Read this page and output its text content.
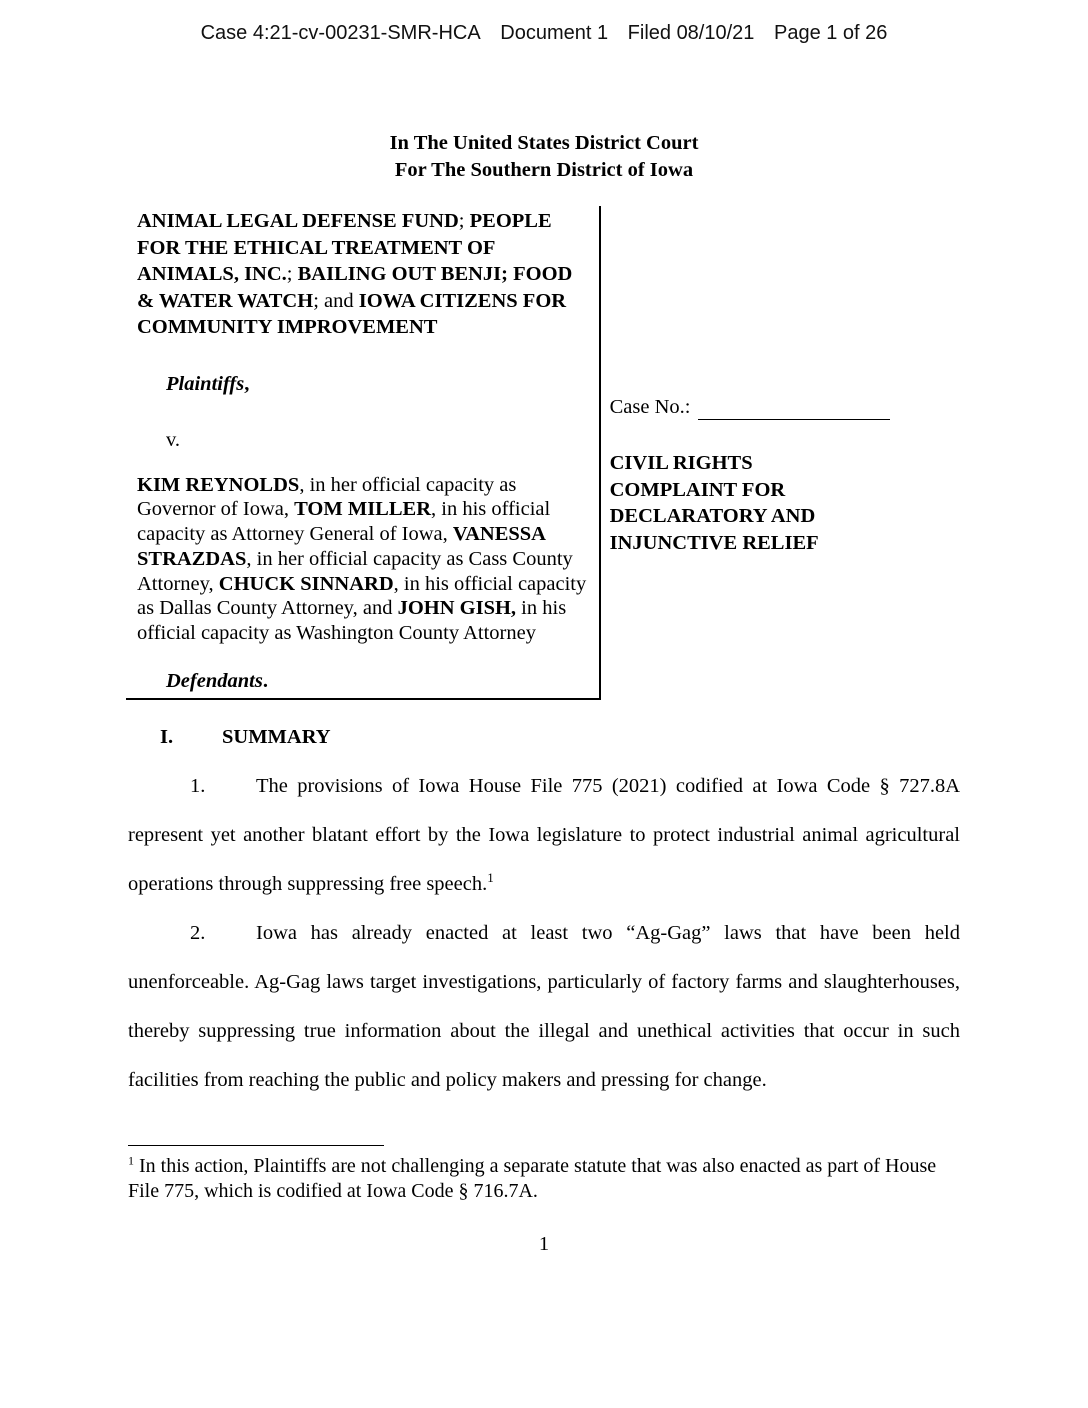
Case 4:21-cv-00231-SMR-HCA Document 1 Filed 08/10/21 Page 1 of 26
In The United States District Court
For The Southern District of Iowa
ANIMAL LEGAL DEFENSE FUND; PEOPLE FOR THE ETHICAL TREATMENT OF ANIMALS, INC.; BAILING OUT BENJI; FOOD & WATER WATCH; and IOWA CITIZENS FOR COMMUNITY IMPROVEMENT
Plaintiffs,
v.
KIM REYNOLDS, in her official capacity as Governor of Iowa, TOM MILLER, in his official capacity as Attorney General of Iowa, VANESSA STRAZDAS, in her official capacity as Cass County Attorney, CHUCK SINNARD, in his official capacity as Dallas County Attorney, and JOHN GISH, in his official capacity as Washington County Attorney
Defendants.
Case No.:
CIVIL RIGHTS COMPLAINT FOR DECLARATORY AND INJUNCTIVE RELIEF
I. SUMMARY
1. The provisions of Iowa House File 775 (2021) codified at Iowa Code § 727.8A represent yet another blatant effort by the Iowa legislature to protect industrial animal agricultural operations through suppressing free speech.$^1$
2. Iowa has already enacted at least two “Ag-Gag” laws that have been held unenforceable. Ag-Gag laws target investigations, particularly of factory farms and slaughterhouses, thereby suppressing true information about the illegal and unethical activities that occur in such facilities from reaching the public and policy makers and pressing for change.
$^1$ In this action, Plaintiffs are not challenging a separate statute that was also enacted as part of House File 775, which is codified at Iowa Code § 716.7A.
1
